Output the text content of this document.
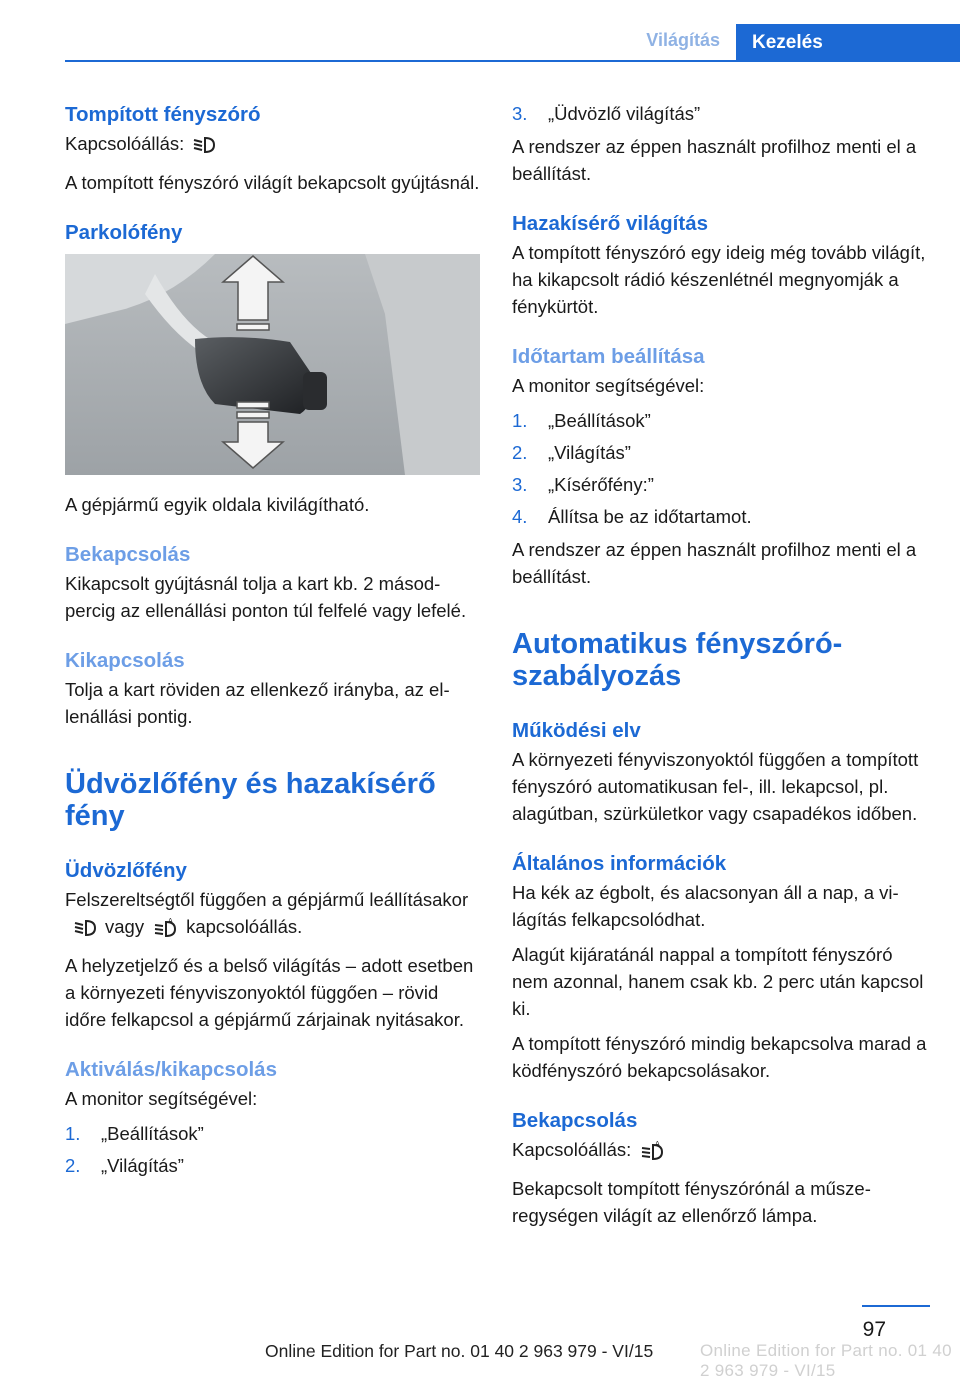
Világítás	Kezelés
Tompított fényszóró

Kapcsolóállás:

A tompított fényszóró világít bekapcsolt gyújtásnál.

Parkolófény

A gépjármű egyik oldala kivilágítható.

Bekapcsolás

Kikapcsolt gyújtásnál tolja a kart kb. 2 másodpercig az ellenállási ponton túl felfelé vagy lefelé.

Kikapcsolás

Tolja a kart röviden az ellenkező irányba, az ellenállási pontig.

Üdvözlőfény és hazakísérő fény
Üdvözlőfény

Felszereltségtől függően a gépjármű leállításakorvagy	A kapcsolóállás.

A helyzetjelző és a belső világítás – adott esetben a környezeti fényviszonyoktól függően – rövid időre felkapcsol a gépjármű zárjainak nyitásakor.

Aktiválás/kikapcsolás

A monitor segítségével:

1. „Beállítások”
2. „Világítás”
3. „Üdvözlő világítás”

A rendszer az éppen használt profilhoz menti el a beállítást.

Hazakísérő világítás

A tompított fényszóró egy ideig még tovább világít, ha kikapcsolt rádió készenlétnél megnyomják a fénykürtöt.

Időtartam beállítása

A monitor segítségével:

1. „Beállítások”
2. „Világítás”
3. „Kísérőfény:”
4. Állítsa be az időtartamot.

A rendszer az éppen használt profilhoz menti el a beállítást.

Automatikus fényszóró-szabályozás
Működési elv

A környezeti fényviszonyoktól függően a tompított fényszóró automatikusan fel-, ill. lekapcsol, pl. alagútban, szürkületkor vagy csapadékos időben.

Általános információk

Ha kék az égbolt, és alacsonyan áll a nap, a világítás felkapcsolódhat.

Alagút kijáratánál nappal a tompított fényszóró nem azonnal, hanem csak kb. 2 perc után kapcsol ki.

A tompított fényszóró mindig bekapcsolva marad a ködfényszóró bekapcsolásakor.

Bekapcsolás

Kapcsolóállás:	A

Bekapcsolt tompított fényszórónál a műszeregységen világít az ellenőrző lámpa.

97
Online Edition for Part no. 01 40 2 963 979 - VI/15	Online Edition for Part no. 01 40 2 963 979 - VI/15
